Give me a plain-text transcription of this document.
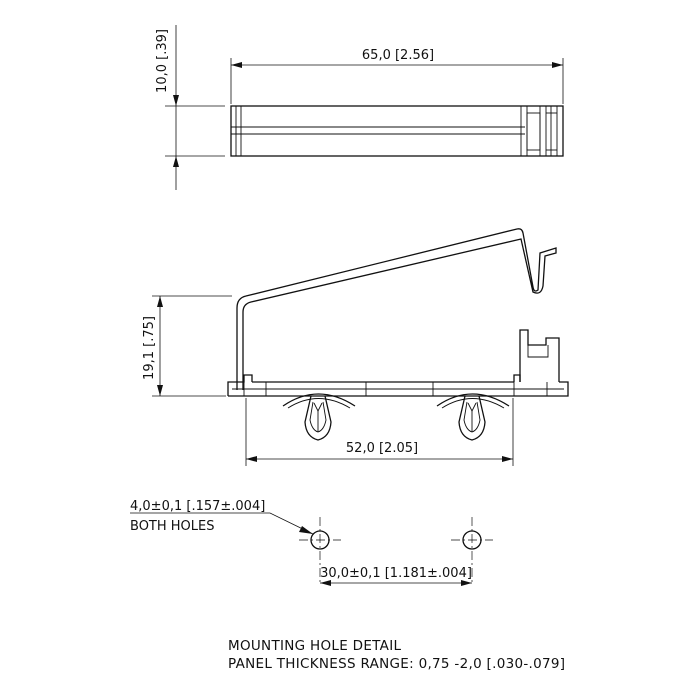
65,0 [2.56]
10,0 [.39]
19,1 [.75]
52,0 [2.05]
4,0±0,1 [.157±.004]
BOTH HOLES
30,0±0,1 [1.181±.004]
MOUNTING HOLE DETAIL
PANEL THICKNESS RANGE: 0,75 -2,0 [.030-.079]
